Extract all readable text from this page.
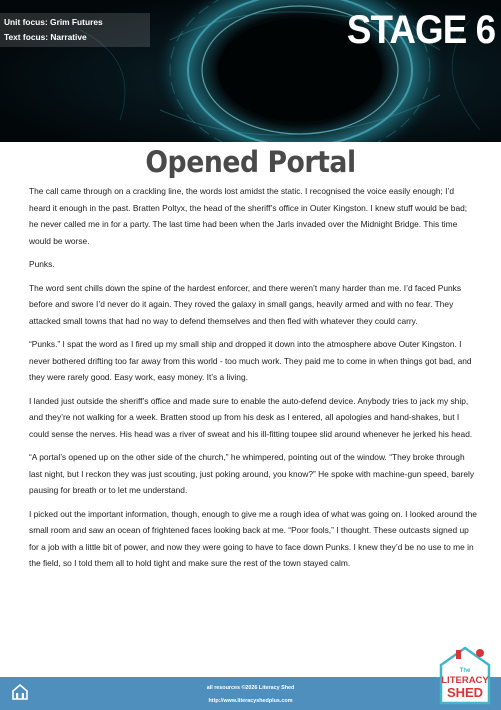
Unit focus: Grim Futures
Text focus: Narrative	STAGE 6
Opened Portal

The call came through on a crackling line, the words lost amidst the static. I recognised the voice easily enough; I’d heard it enough in the past. Bratten Poltyx, the head of the sheriff’s office in Outer Kingston. I knew stuff would be bad; he never called me in for a party. The last time had been when the Jarls invaded over the Midnight Bridge. This time would be worse.

Punks.

The word sent chills down the spine of the hardest enforcer, and there weren’t many harder than me. I’d faced Punks before and swore I’d never do it again. They roved the galaxy in small gangs, heavily armed and with no fear. They attacked small towns that had no way to defend themselves and then fled with whatever they could carry.

“Punks.” I spat the word as I fired up my small ship and dropped it down into the atmosphere above Outer Kingston. I never bothered drifting too far away from this world - too much work. They paid me to come in when things got bad, and they were rarely good. Easy work, easy money. It’s a living.

I landed just outside the sheriff’s office and made sure to enable the auto-defend device. Anybody tries to jack my ship, and they’re not walking for a week. Bratten stood up from his desk as I entered, all apologies and hand-shakes, but I could sense the nerves. His head was a river of sweat and his ill-fitting toupee slid around whenever he jerked his head.

“A portal’s opened up on the other side of the church,” he whimpered, pointing out of the window. “They broke through last night, but I reckon they was just scouting, just poking around, you know?” He spoke with machine-gun speed, barely pausing for breath or to let me understand.

I picked out the important information, though, enough to give me a rough idea of what was going on. I looked around the small room and saw an ocean of frightened faces looking back at me. “Poor fools,” I thought. These outcasts signed up for a job with a little bit of power, and now they were going to have to face down Punks. I knew they’d be no use to me in the field, so I told them all to hold tight and make sure the rest of the town stayed calm.

all resources ©2026 Literacy Shed
http://www.literacyshedplus.com
The
LITERACY
SHED
